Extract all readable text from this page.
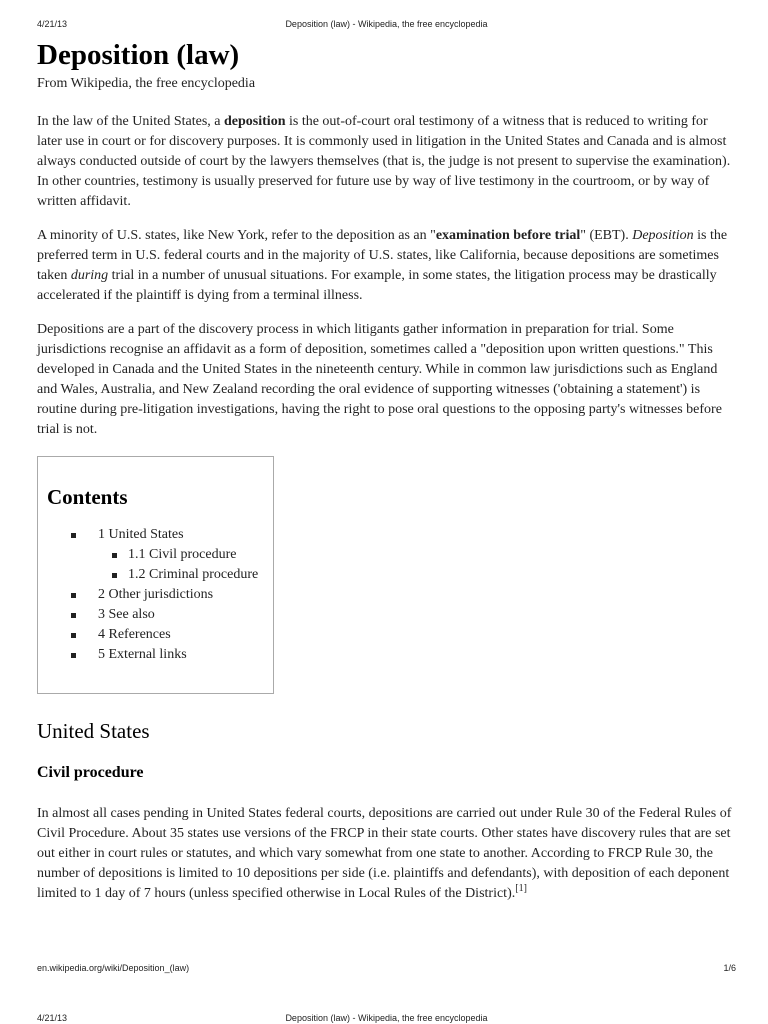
4/21/13	Deposition (law) - Wikipedia, the free encyclopedia
Deposition (law)
From Wikipedia, the free encyclopedia

In the law of the United States, a deposition is the out-of-court oral testimony of a witness that is reduced to writing for later use in court or for discovery purposes. It is commonly used in litigation in the United States and Canada and is almost always conducted outside of court by the lawyers themselves (that is, the judge is not present to supervise the examination). In other countries, testimony is usually preserved for future use by way of live testimony in the courtroom, or by way of written affidavit.

A minority of U.S. states, like New York, refer to the deposition as an "examination before trial" (EBT). Deposition is the preferred term in U.S. federal courts and in the majority of U.S. states, like California, because depositions are sometimes taken during trial in a number of unusual situations. For example, in some states, the litigation process may be drastically accelerated if the plaintiff is dying from a terminal illness.

Depositions are a part of the discovery process in which litigants gather information in preparation for trial. Some jurisdictions recognise an affidavit as a form of deposition, sometimes called a "deposition upon written questions." This developed in Canada and the United States in the nineteenth century. While in common law jurisdictions such as England and Wales, Australia, and New Zealand recording the oral evidence of supporting witnesses ('obtaining a statement') is routine during pre-litigation investigations, having the right to pose oral questions to the opposing party's witnesses before trial is not.

Contents
1 United States
1.1 Civil procedure
1.2 Criminal procedure
2 Other jurisdictions
3 See also
4 References
5 External links
United States
Civil procedure

In almost all cases pending in United States federal courts, depositions are carried out under Rule 30 of the Federal Rules of Civil Procedure. About 35 states use versions of the FRCP in their state courts. Other states have discovery rules that are set out either in court rules or statutes, and which vary somewhat from one state to another. According to FRCP Rule 30, the number of depositions is limited to 10 depositions per side (i.e. plaintiffs and defendants), with deposition of each deponent limited to 1 day of 7 hours (unless specified otherwise in Local Rules of the District).[1]

en.wikipedia.org/wiki/Deposition_(law)	1/6
4/21/13	Deposition (law) - Wikipedia, the free encyclopedia
